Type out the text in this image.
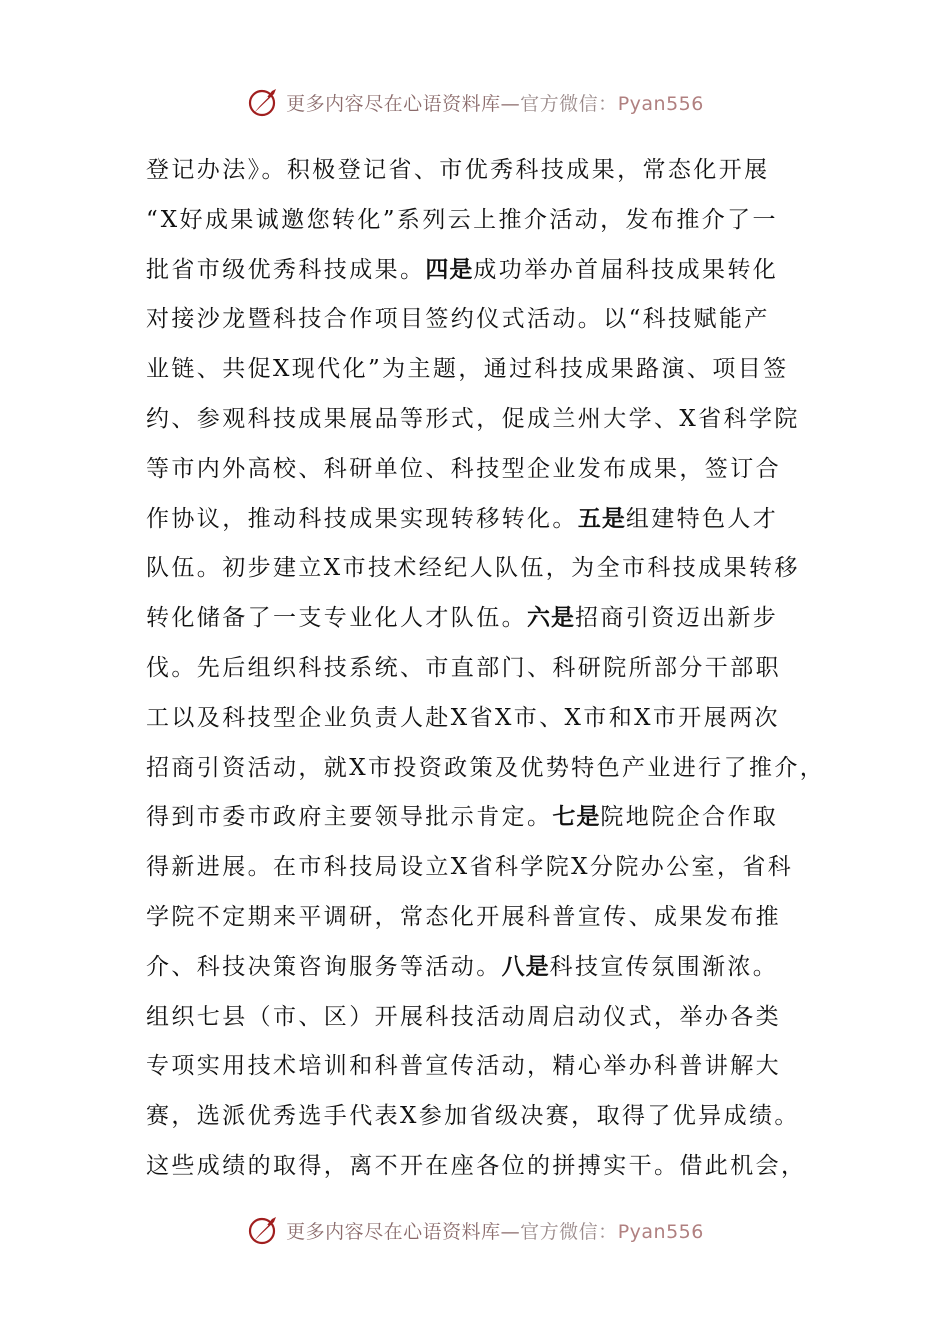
更多内容尽在心语资料库—官方微信：Pyan556
登记办法》。积极登记省、市优秀科技成果，常态化开展
“X好成果诚邀您转化”系列云上推介活动，发布推介了一
批省市级优秀科技成果。四是成功举办首届科技成果转化
对接沙龙暨科技合作项目签约仪式活动。以“科技赋能产
业链、共促X现代化”为主题，通过科技成果路演、项目签
约、参观科技成果展品等形式，促成兰州大学、X省科学院
等市内外高校、科研单位、科技型企业发布成果，签订合
作协议，推动科技成果实现转移转化。五是组建特色人才
队伍。初步建立X市技术经纪人队伍，为全市科技成果转移
转化储备了一支专业化人才队伍。六是招商引资迈出新步
伐。先后组织科技系统、市直部门、科研院所部分干部职
工以及科技型企业负责人赴X省X市、X市和X市开展两次
招商引资活动，就X市投资政策及优势特色产业进行了推介，
得到市委市政府主要领导批示肯定。七是院地院企合作取
得新进展。在市科技局设立X省科学院X分院办公室，省科
学院不定期来平调研，常态化开展科普宣传、成果发布推
介、科技决策咨询服务等活动。八是科技宣传氛围渐浓。
组织七县（市、区）开展科技活动周启动仪式，举办各类
专项实用技术培训和科普宣传活动，精心举办科普讲解大
赛，选派优秀选手代表X参加省级决赛，取得了优异成绩。
这些成绩的取得，离不开在座各位的拼搏实干。借此机会，
更多内容尽在心语资料库—官方微信：Pyan556
